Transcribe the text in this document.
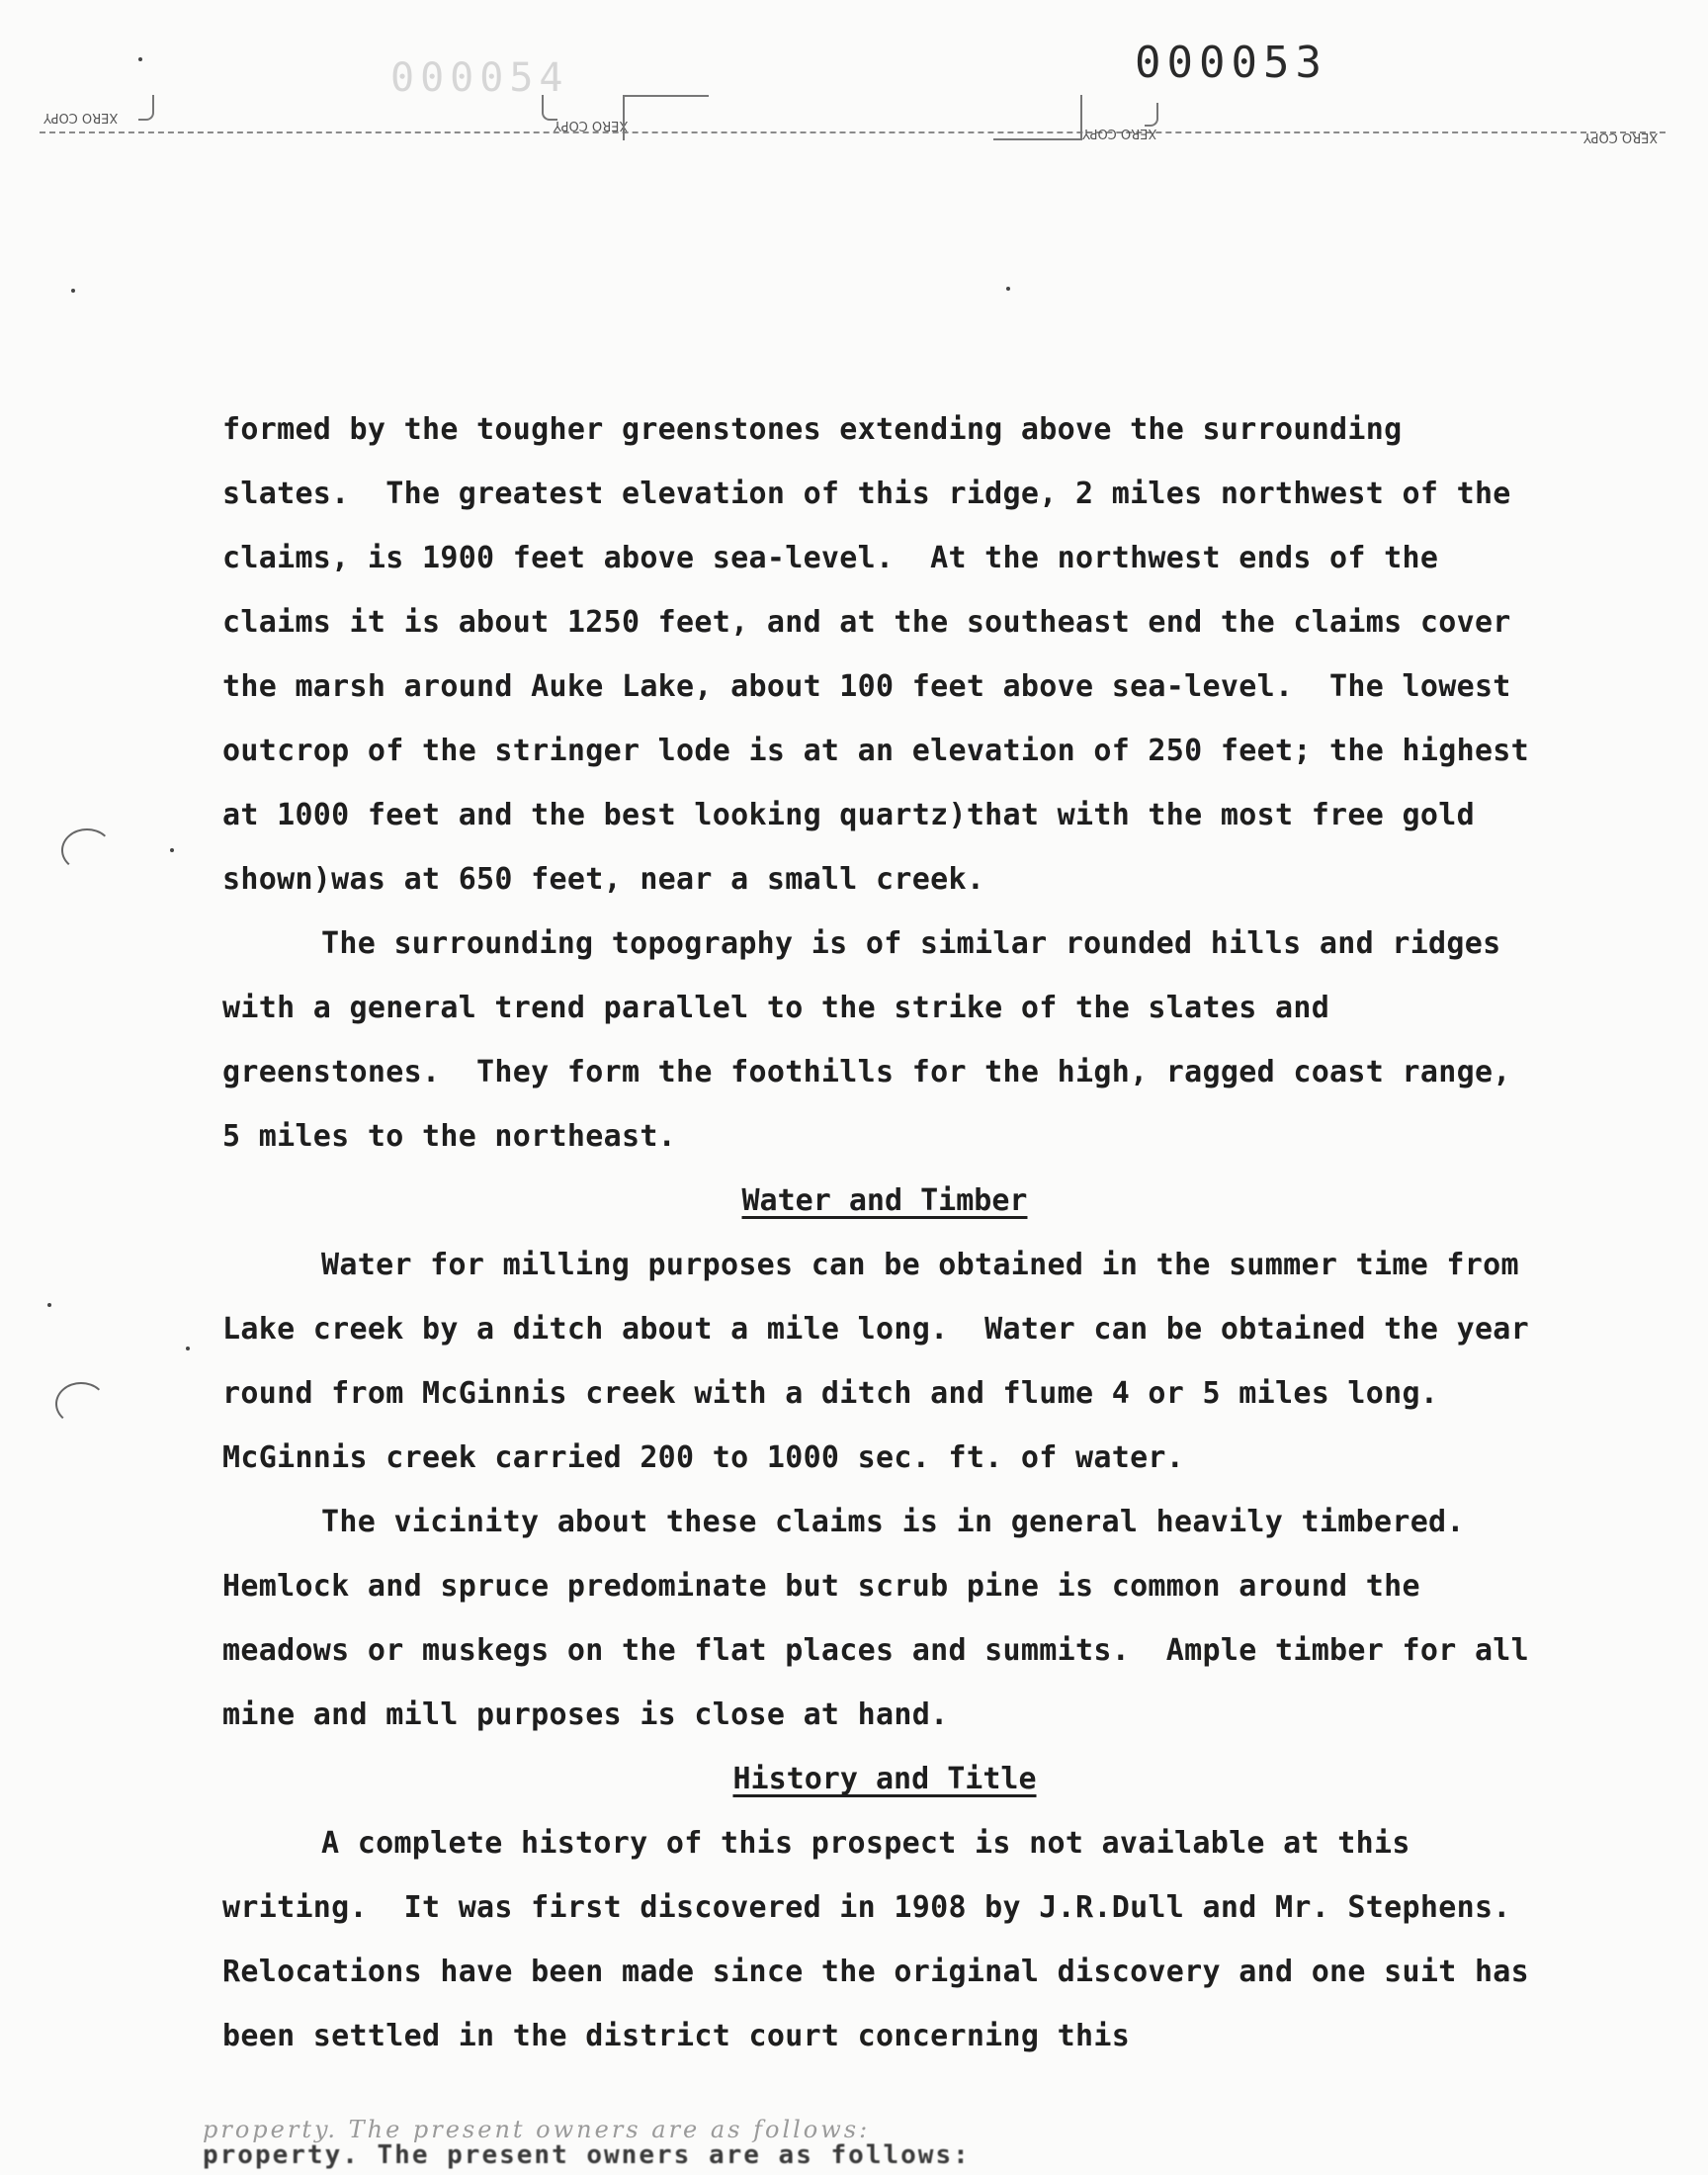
000054	000053
XERO COPY
XERO COPY
XERO COPY	XERO COPY

formed by the tougher greenstones extending above the surrounding slates.  The greatest elevation of this ridge, 2 miles northwest of the claims, is 1900 feet above sea-level.  At the northwest ends of the claims it is about 1250 feet, and at the southeast end the claims cover the marsh around Auke Lake, about 100 feet above sea-level.  The lowest outcrop of the stringer lode is at an elevation of 250 feet; the highest at 1000 feet and the best looking quartz)that with the most free gold shown)was at 650 feet, near a small creek.

The surrounding topography is of similar rounded hills and ridges with a general trend parallel to the strike of the slates and greenstones.  They form the foothills for the high, ragged coast range, 5 miles to the northeast.

Water and Timber

Water for milling purposes can be obtained in the summer time from Lake creek by a ditch about a mile long.  Water can be obtained the year round from McGinnis creek with a ditch and flume 4 or 5 miles long.  McGinnis creek carried 200 to 1000 sec. ft. of water.

The vicinity about these claims is in general heavily timbered.  Hemlock and spruce predominate but scrub pine is common around the meadows or muskegs on the flat places and summits.  Ample timber for all mine and mill purposes is close at hand.

History and Title

A complete history of this prospect is not available at this writing.  It was first discovered in 1908 by J.R.Dull and Mr. Stephens. Relocations have been made since the original discovery and one suit has been settled in the district court concerning this

property. The present owners are as follows:
property. The present owners are as follows:
